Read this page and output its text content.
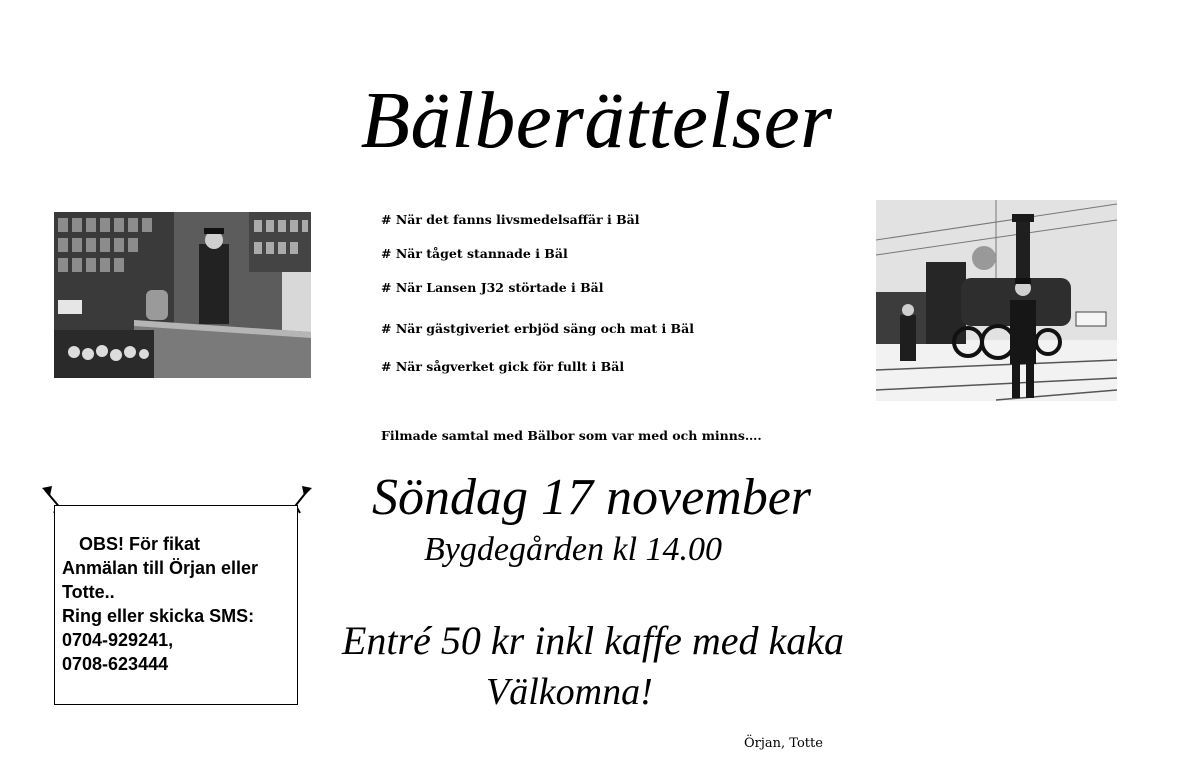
Bälberättelser
# När det fanns livsmedelsaffär i Bäl
# När tåget stannade i Bäl
# När Lansen J32 störtade i Bäl
# När gästgiveriet erbjöd säng och mat i Bäl
# När sågverket gick för fullt i Bäl
Filmade samtal med Bälbor som var med och minns….
Söndag 17 november
Bygdegården kl 14.00
Entré 50 kr inkl kaffe med kaka
Välkomna!
Örjan, Totte
OBS! För fikat
Anmälan till Örjan eller
Totte..
Ring eller skicka SMS:
0704-929241,
0708-623444
